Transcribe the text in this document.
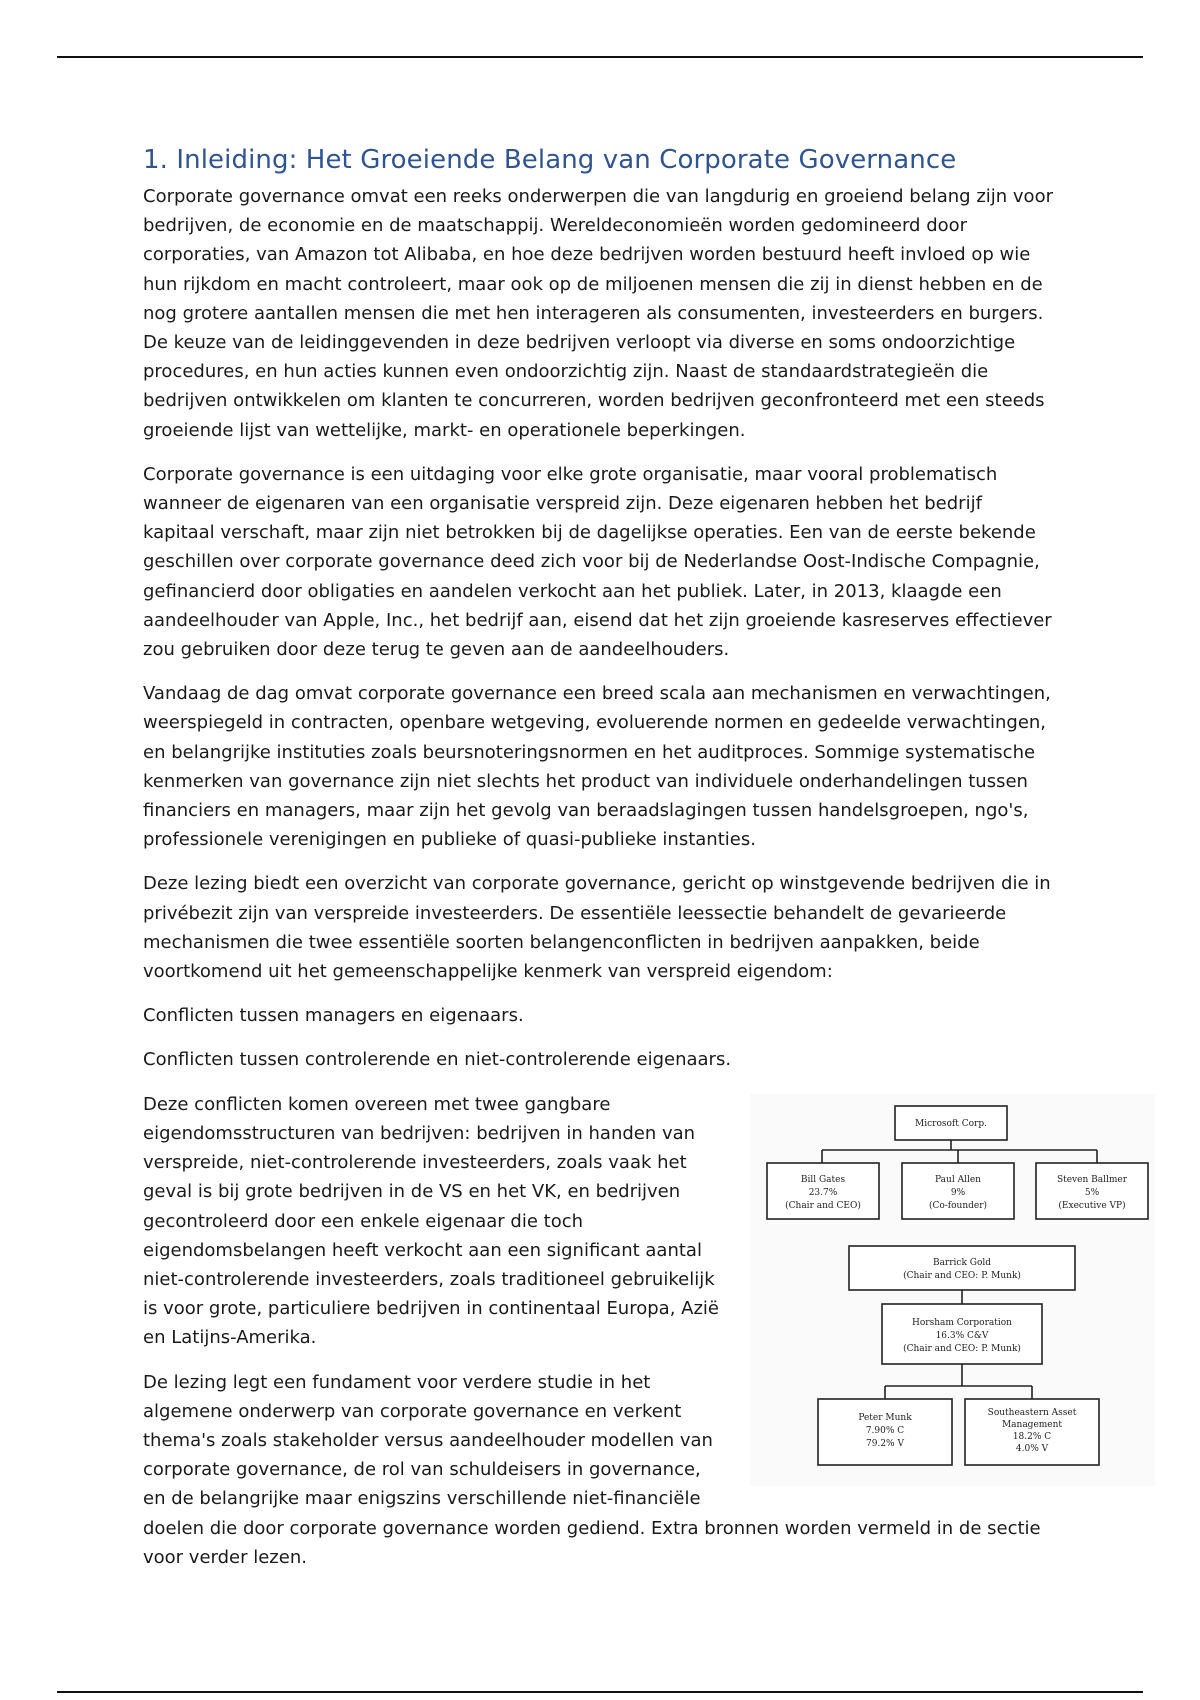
1. Inleiding: Het Groeiende Belang van Corporate Governance

Corporate governance omvat een reeks onderwerpen die van langdurig en groeiend belang zijn voor bedrijven, de economie en de maatschappij. Wereldeconomieën worden gedomineerd door corporaties, van Amazon tot Alibaba, en hoe deze bedrijven worden bestuurd heeft invloed op wie hun rijkdom en macht controleert, maar ook op de miljoenen mensen die zij in dienst hebben en de nog grotere aantallen mensen die met hen interageren als consumenten, investeerders en burgers. De keuze van de leidinggevenden in deze bedrijven verloopt via diverse en soms ondoorzichtige procedures, en hun acties kunnen even ondoorzichtig zijn. Naast de standaardstrategieën die bedrijven ontwikkelen om klanten te concurreren, worden bedrijven geconfronteerd met een steeds groeiende lijst van wettelijke, markt- en operationele beperkingen.

Corporate governance is een uitdaging voor elke grote organisatie, maar vooral problematisch wanneer de eigenaren van een organisatie verspreid zijn. Deze eigenaren hebben het bedrijf kapitaal verschaft, maar zijn niet betrokken bij de dagelijkse operaties. Een van de eerste bekende geschillen over corporate governance deed zich voor bij de Nederlandse Oost-Indische Compagnie, gefinancierd door obligaties en aandelen verkocht aan het publiek. Later, in 2013, klaagde een aandeelhouder van Apple, Inc., het bedrijf aan, eisend dat het zijn groeiende kasreserves effectiever zou gebruiken door deze terug te geven aan de aandeelhouders.

Vandaag de dag omvat corporate governance een breed scala aan mechanismen en verwachtingen, weerspiegeld in contracten, openbare wetgeving, evoluerende normen en gedeelde verwachtingen, en belangrijke instituties zoals beursnoteringsnormen en het auditproces. Sommige systematische kenmerken van governance zijn niet slechts het product van individuele onderhandelingen tussen financiers en managers, maar zijn het gevolg van beraadslagingen tussen handelsgroepen, ngo's, professionele verenigingen en publieke of quasi-publieke instanties.

Deze lezing biedt een overzicht van corporate governance, gericht op winstgevende bedrijven die in privébezit zijn van verspreide investeerders. De essentiële leessectie behandelt de gevarieerde mechanismen die twee essentiële soorten belangenconflicten in bedrijven aanpakken, beide voortkomend uit het gemeenschappelijke kenmerk van verspreid eigendom:

Conflicten tussen managers en eigenaars.

Conflicten tussen controlerende en niet-controlerende eigenaars.

Microsoft Corp.
Bill Gates
23.7%
(Chair and CEO)
Paul Allen
9%
(Co-founder)
Steven Ballmer
5%
(Executive VP)
Barrick Gold
(Chair and CEO: P. Munk)
Horsham Corporation
16.3% C&V
(Chair and CEO: P. Munk)
Peter Munk
7.90% C
79.2% V
Southeastern Asset
Management
18.2% C
4.0% V

Deze conflicten komen overeen met twee gangbare eigendomsstructuren van bedrijven: bedrijven in handen van verspreide, niet-controlerende investeerders, zoals vaak het geval is bij grote bedrijven in de VS en het VK, en bedrijven gecontroleerd door een enkele eigenaar die toch eigendomsbelangen heeft verkocht aan een significant aantal niet-controlerende investeerders, zoals traditioneel gebruikelijk is voor grote, particuliere bedrijven in continentaal Europa, Azië en Latijns-Amerika.

De lezing legt een fundament voor verdere studie in het algemene onderwerp van corporate governance en verkent thema's zoals stakeholder versus aandeelhouder modellen van corporate governance, de rol van schuldeisers in governance, en de belangrijke maar enigszins verschillende niet-financiële doelen die door corporate governance worden gediend. Extra bronnen worden vermeld in de sectie voor verder lezen.
